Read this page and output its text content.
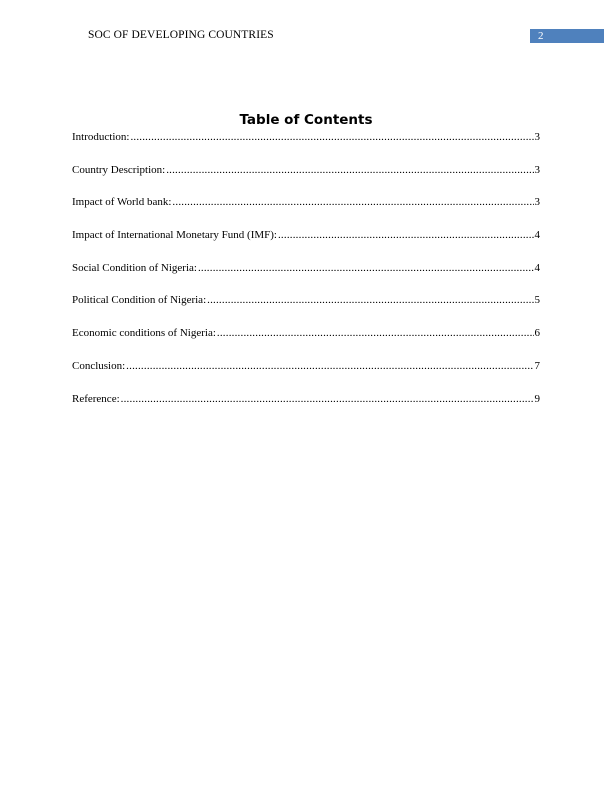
SOC OF DEVELOPING COUNTRIES	2
Table of Contents
Introduction: .....	3
Country Description: .....	3
Impact of World bank: .....	3
Impact of International Monetary Fund (IMF): .....	4
Social Condition of Nigeria: .....	4
Political Condition of Nigeria: .....	5
Economic conditions of Nigeria: .....	6
Conclusion: .....	7
Reference: .....	9
